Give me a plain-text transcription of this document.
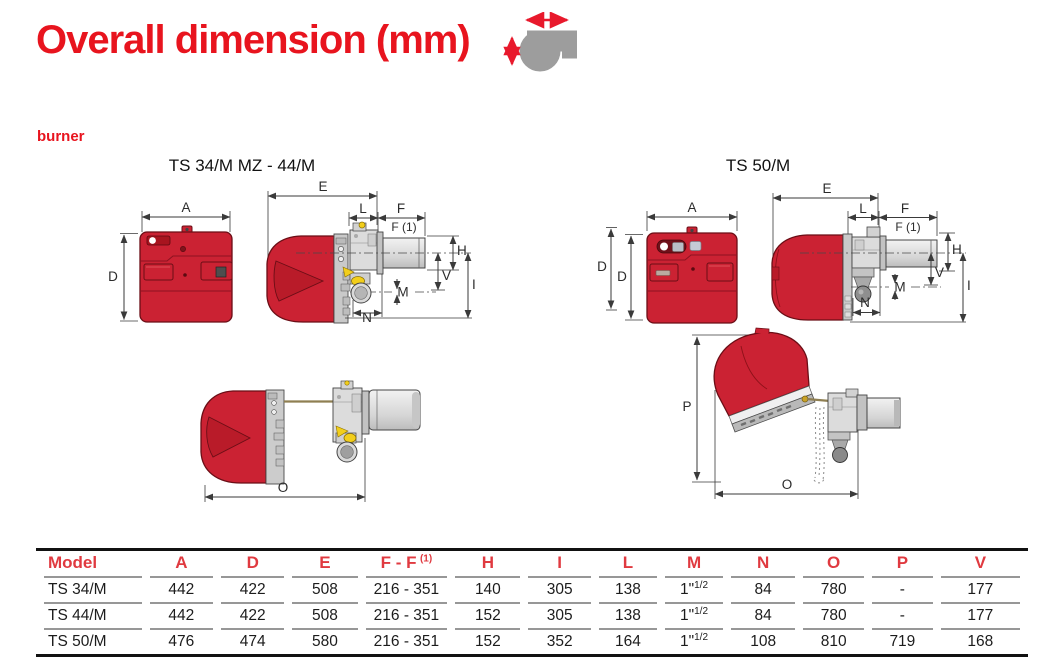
Overall dimension (mm)
burner
TS 34/M MZ - 44/M
A
D
E
L F
F (1)
H
V
I
M
N
O
TS 50/M
A
D
D
E
L	F
F (1)
H
V
I
M
N
P
O
Model	A	D	E	F - F  $^{(1)}$	H	I	L	M	N	O	P	V
TS 34/M	442	422	508	216 - 351	140	305	138	1"$^{1/2}$	84	780	-	177
TS 44/M	442	422	508	216 - 351	152	305	138	1"$^{1/2}$	84	780	-	177
TS 50/M	476	474	580	216 - 351	152	352	164	1"$^{1/2}$	108	810	719	168
